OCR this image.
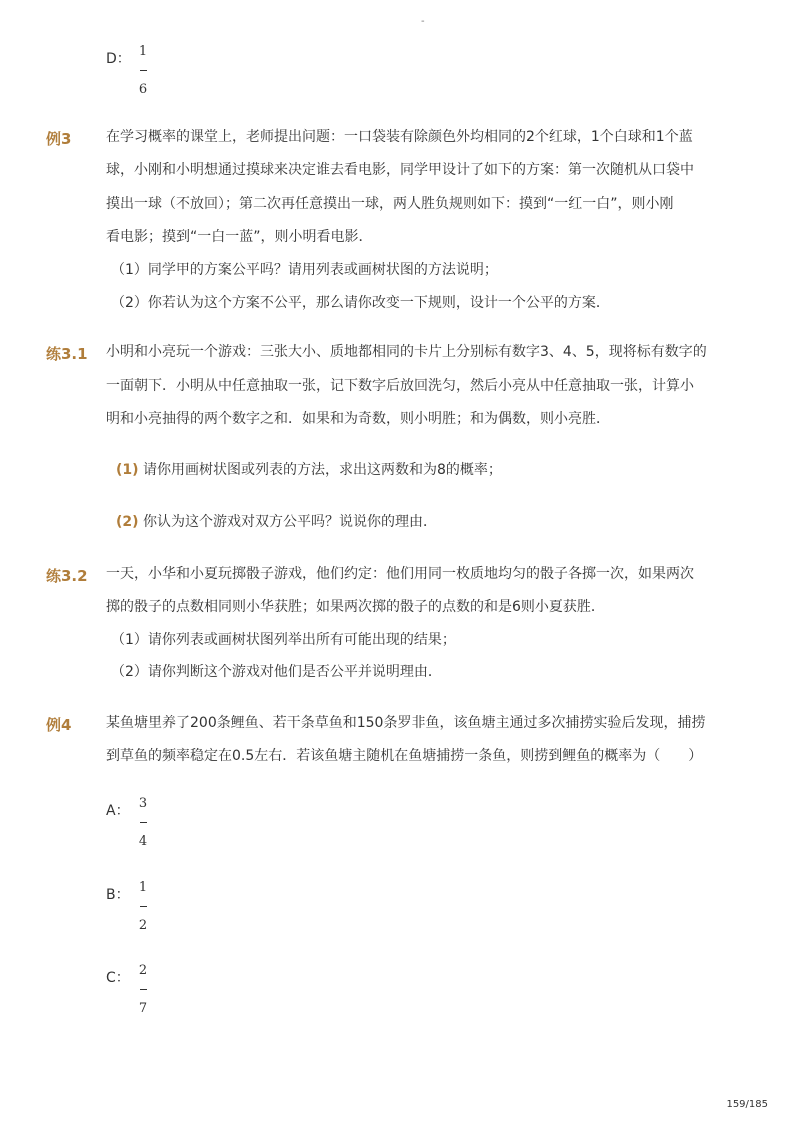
-
D： 1
6
例3 在学习概率的课堂上，老师提出问题：一口袋装有除颜色外均相同的2个红球，1个白球和1个蓝
球，小刚和小明想通过摸球来决定谁去看电影，同学甲设计了如下的方案：第一次随机从口袋中
摸出一球（不放回）；第二次再任意摸出一球，两人胜负规则如下：摸到“一红一白”，则小刚
看电影；摸到“一白一蓝”，则小明看电影．
（1）同学甲的方案公平吗？请用列表或画树状图的方法说明；
（2）你若认为这个方案不公平，那么请你改变一下规则，设计一个公平的方案．
练3.1 小明和小亮玩一个游戏：三张大小、质地都相同的卡片上分别标有数字3、4、5，现将标有数字的
一面朝下．小明从中任意抽取一张，记下数字后放回洗匀，然后小亮从中任意抽取一张，计算小
明和小亮抽得的两个数字之和．如果和为奇数，则小明胜；和为偶数，则小亮胜．
(1) 请你用画树状图或列表的方法，求出这两数和为8的概率；
(2) 你认为这个游戏对双方公平吗？说说你的理由．
练3.2 一天，小华和小夏玩掷骰子游戏，他们约定：他们用同一枚质地均匀的骰子各掷一次，如果两次
掷的骰子的点数相同则小华获胜；如果两次掷的骰子的点数的和是6则小夏获胜．
（1）请你列表或画树状图列举出所有可能出现的结果；
（2）请你判断这个游戏对他们是否公平并说明理由．
例4 某鱼塘里养了200条鲤鱼、若干条草鱼和150条罗非鱼，该鱼塘主通过多次捕捞实验后发现，捕捞
到草鱼的频率稳定在0.5左右．若该鱼塘主随机在鱼塘捕捞一条鱼，则捞到鲤鱼的概率为（　　）
A： 3
4
B： 1
2
C： 2
7
159/185
